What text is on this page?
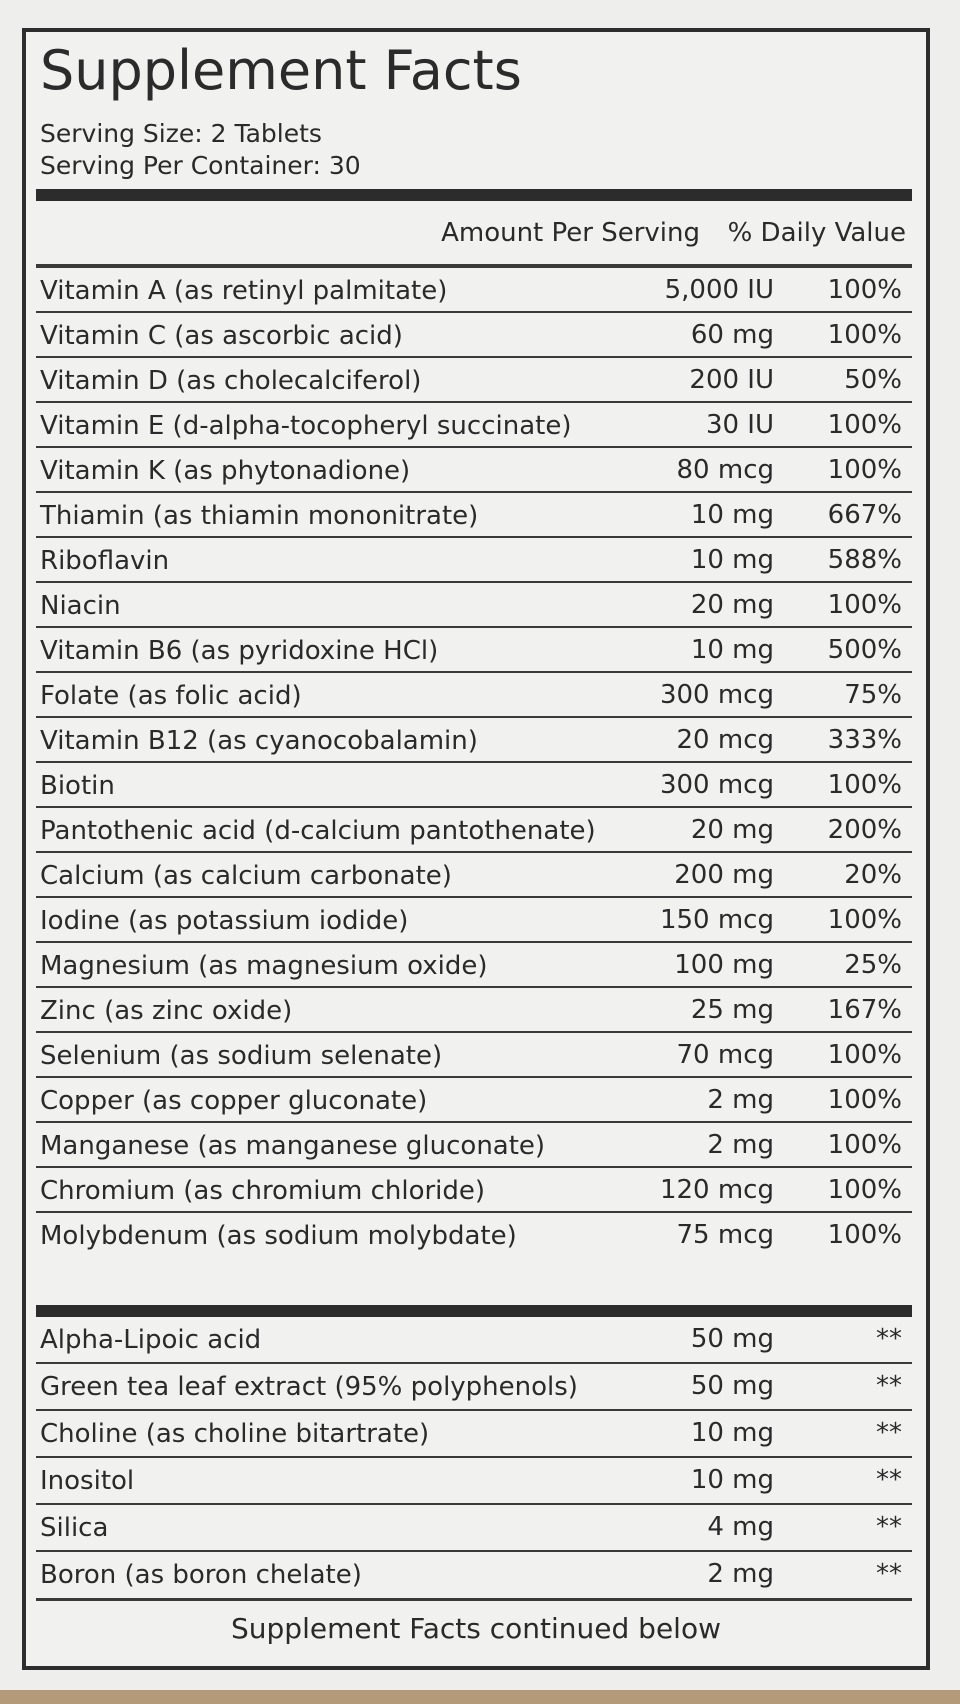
Supplement Facts
Serving Size: 2 Tablets
Serving Per Container: 30
Amount Per Serving % Daily Value
Vitamin A (as retinyl palmitate)	5,000 IU 100%
Vitamin C (as ascorbic acid)	60 mg 100%
Vitamin D (as cholecalciferol)	200 IU	50%
Vitamin E (d-alpha-tocopheryl succinate)	30 IU 100%
Vitamin K (as phytonadione)	80 mcg 100%
Thiamin (as thiamin mononitrate)	10 mg 667%
Riboflavin	10 mg 588%
Niacin	20 mg 100%
Vitamin B6 (as pyridoxine HCl)	10 mg 500%
Folate (as folic acid)	300 mcg	75%
Vitamin B12 (as cyanocobalamin)	20 mcg 333%
Biotin	300 mcg 100%
Pantothenic acid (d-calcium pantothenate)	20 mg 200%
Calcium (as calcium carbonate)	200 mg	20%
Iodine (as potassium iodide)	150 mcg 100%
Magnesium (as magnesium oxide)	100 mg	25%
Zinc (as zinc oxide)	25 mg 167%
Selenium (as sodium selenate)	70 mcg 100%
Copper (as copper gluconate)	2 mg 100%
Manganese (as manganese gluconate)	2 mg 100%
Chromium (as chromium chloride)	120 mcg 100%
Molybdenum (as sodium molybdate)	75 mcg 100%
Alpha-Lipoic acid	50 mg	**
Green tea leaf extract (95% polyphenols)	50 mg	**
Choline (as choline bitartrate)	10 mg	**
Inositol	10 mg	**
Silica	4 mg	**
Boron (as boron chelate)	2 mg	**
Supplement Facts continued below
